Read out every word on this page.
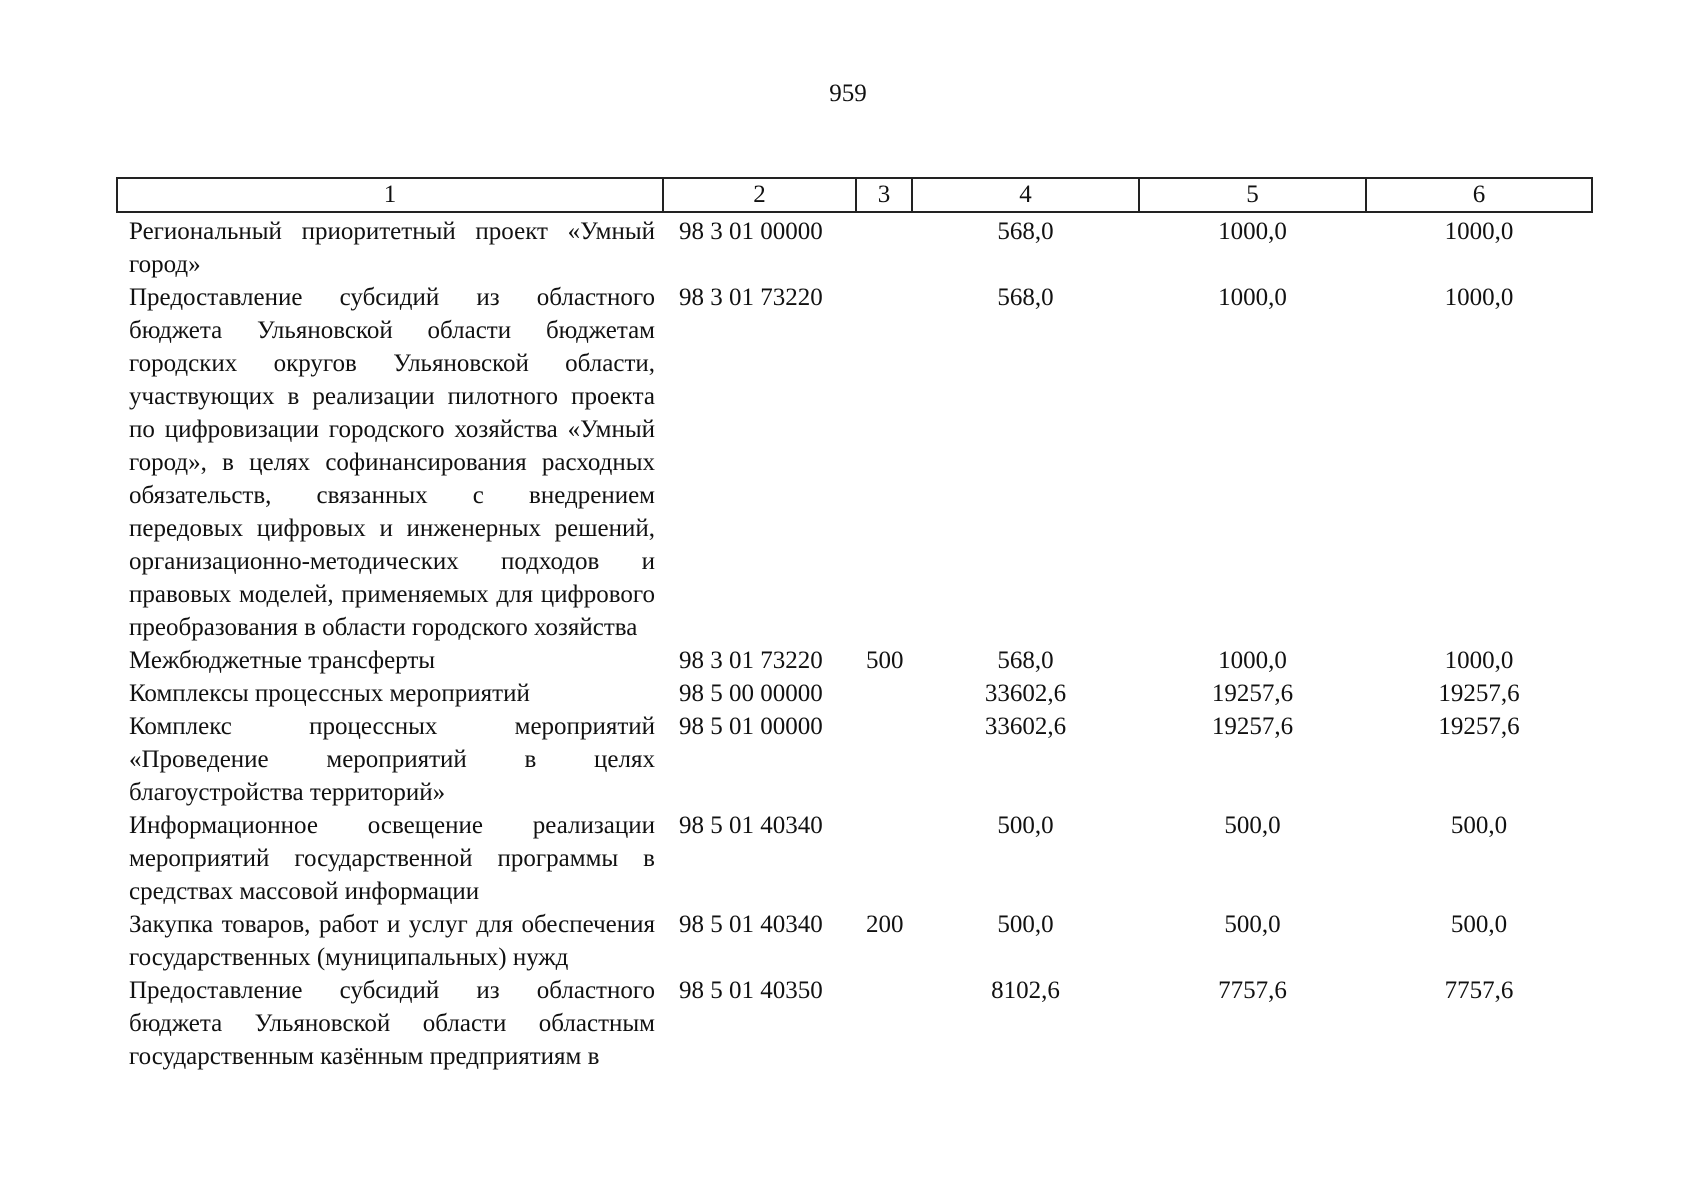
959
1	2	3	4	5	6
Региональный приоритетный проект «Умный город»	98 3 01 00000		568,0	1000,0	1000,0
Предоставление субсидий из областного бюджета Ульяновской области бюджетам городских округов Ульяновской области, участвующих в реализации пилотного проекта по цифровизации городского хозяйства «Умный город», в целях софинансирования расходных обязательств, связанных с внедрением передовых цифровых и инженерных решений, организационно-методических подходов и правовых моделей, применяемых для цифрового преобразования в области городского хозяйства	98 3 01 73220		568,0	1000,0	1000,0
Межбюджетные трансферты	98 3 01 73220	500	568,0	1000,0	1000,0
Комплексы процессных мероприятий	98 5 00 00000		33602,6	19257,6	19257,6
Комплекс процессных мероприятий «Проведение мероприятий в целях благоустройства территорий»	98 5 01 00000		33602,6	19257,6	19257,6
Информационное освещение реализации мероприятий государственной программы в средствах массовой информации	98 5 01 40340		500,0	500,0	500,0
Закупка товаров, работ и услуг для обеспечения государственных (муниципальных) нужд	98 5 01 40340	200	500,0	500,0	500,0
Предоставление субсидий из областного бюджета Ульяновской области областным государственным казённым предприятиям в	98 5 01 40350		8102,6	7757,6	7757,6
